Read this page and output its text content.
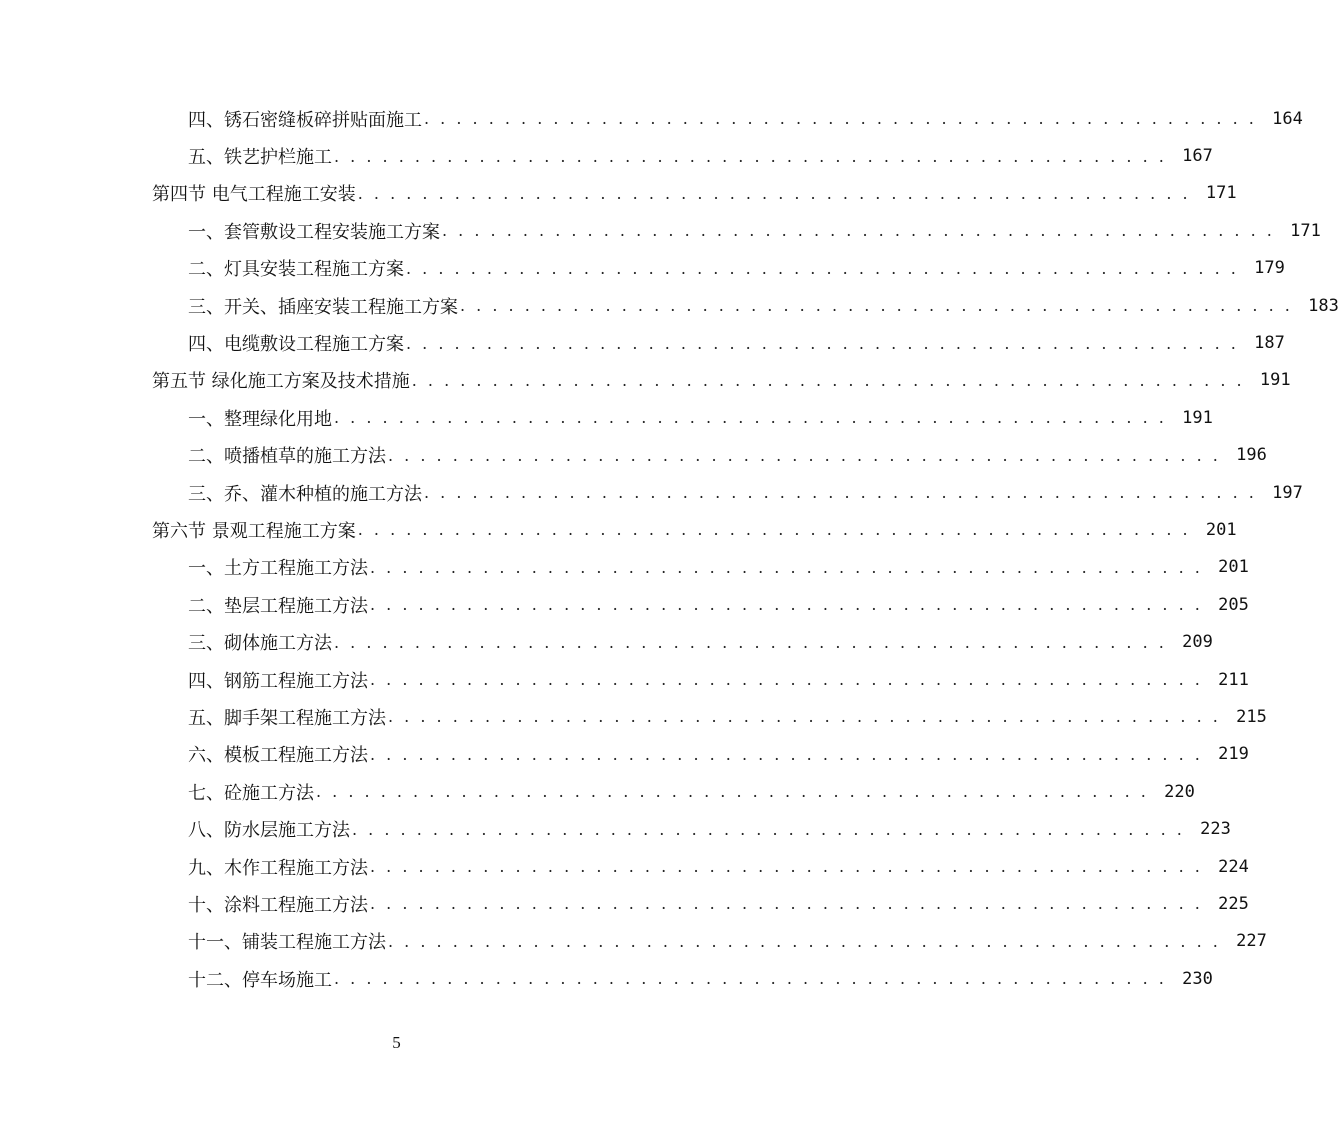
四、锈石密缝板碎拼贴面施工 . . . . . . . . . . . . . . . . . . . . . . . . . . . . . . . . . . . . . . . . . . . . . . . . . . . . 164
五、铁艺护栏施工 . . . . . . . . . . . . . . . . . . . . . . . . . . . . . . . . . . . . . . . . . . . . . . . . . . . . 167
第四节 电气工程施工安装 . . . . . . . . . . . . . . . . . . . . . . . . . . . . . . . . . . . . . . . . . . . . . . . . . . . . 171
一、套管敷设工程安装施工方案 . . . . . . . . . . . . . . . . . . . . . . . . . . . . . . . . . . . . . . . . . . . . . . . . . . . . 171
二、灯具安装工程施工方案 . . . . . . . . . . . . . . . . . . . . . . . . . . . . . . . . . . . . . . . . . . . . . . . . . . . . 179
三、开关、插座安装工程施工方案 . . . . . . . . . . . . . . . . . . . . . . . . . . . . . . . . . . . . . . . . . . . . . . . . . . . . 183
四、电缆敷设工程施工方案 . . . . . . . . . . . . . . . . . . . . . . . . . . . . . . . . . . . . . . . . . . . . . . . . . . . . 187
第五节 绿化施工方案及技术措施 . . . . . . . . . . . . . . . . . . . . . . . . . . . . . . . . . . . . . . . . . . . . . . . . . . . . 191
一、整理绿化用地 . . . . . . . . . . . . . . . . . . . . . . . . . . . . . . . . . . . . . . . . . . . . . . . . . . . . 191
二、喷播植草的施工方法 . . . . . . . . . . . . . . . . . . . . . . . . . . . . . . . . . . . . . . . . . . . . . . . . . . . . 196
三、乔、灌木种植的施工方法 . . . . . . . . . . . . . . . . . . . . . . . . . . . . . . . . . . . . . . . . . . . . . . . . . . . . 197
第六节 景观工程施工方案 . . . . . . . . . . . . . . . . . . . . . . . . . . . . . . . . . . . . . . . . . . . . . . . . . . . . 201
一、土方工程施工方法 . . . . . . . . . . . . . . . . . . . . . . . . . . . . . . . . . . . . . . . . . . . . . . . . . . . . 201
二、垫层工程施工方法 . . . . . . . . . . . . . . . . . . . . . . . . . . . . . . . . . . . . . . . . . . . . . . . . . . . . 205
三、砌体施工方法 . . . . . . . . . . . . . . . . . . . . . . . . . . . . . . . . . . . . . . . . . . . . . . . . . . . . 209
四、钢筋工程施工方法 . . . . . . . . . . . . . . . . . . . . . . . . . . . . . . . . . . . . . . . . . . . . . . . . . . . . 211
五、脚手架工程施工方法 . . . . . . . . . . . . . . . . . . . . . . . . . . . . . . . . . . . . . . . . . . . . . . . . . . . . 215
六、模板工程施工方法 . . . . . . . . . . . . . . . . . . . . . . . . . . . . . . . . . . . . . . . . . . . . . . . . . . . . 219
七、砼施工方法 . . . . . . . . . . . . . . . . . . . . . . . . . . . . . . . . . . . . . . . . . . . . . . . . . . . . 220
八、防水层施工方法 . . . . . . . . . . . . . . . . . . . . . . . . . . . . . . . . . . . . . . . . . . . . . . . . . . . . 223
九、木作工程施工方法 . . . . . . . . . . . . . . . . . . . . . . . . . . . . . . . . . . . . . . . . . . . . . . . . . . . . 224
十、涂料工程施工方法 . . . . . . . . . . . . . . . . . . . . . . . . . . . . . . . . . . . . . . . . . . . . . . . . . . . . 225
十一、铺装工程施工方法 . . . . . . . . . . . . . . . . . . . . . . . . . . . . . . . . . . . . . . . . . . . . . . . . . . . . 227
十二、停车场施工 . . . . . . . . . . . . . . . . . . . . . . . . . . . . . . . . . . . . . . . . . . . . . . . . . . . . 230
5
